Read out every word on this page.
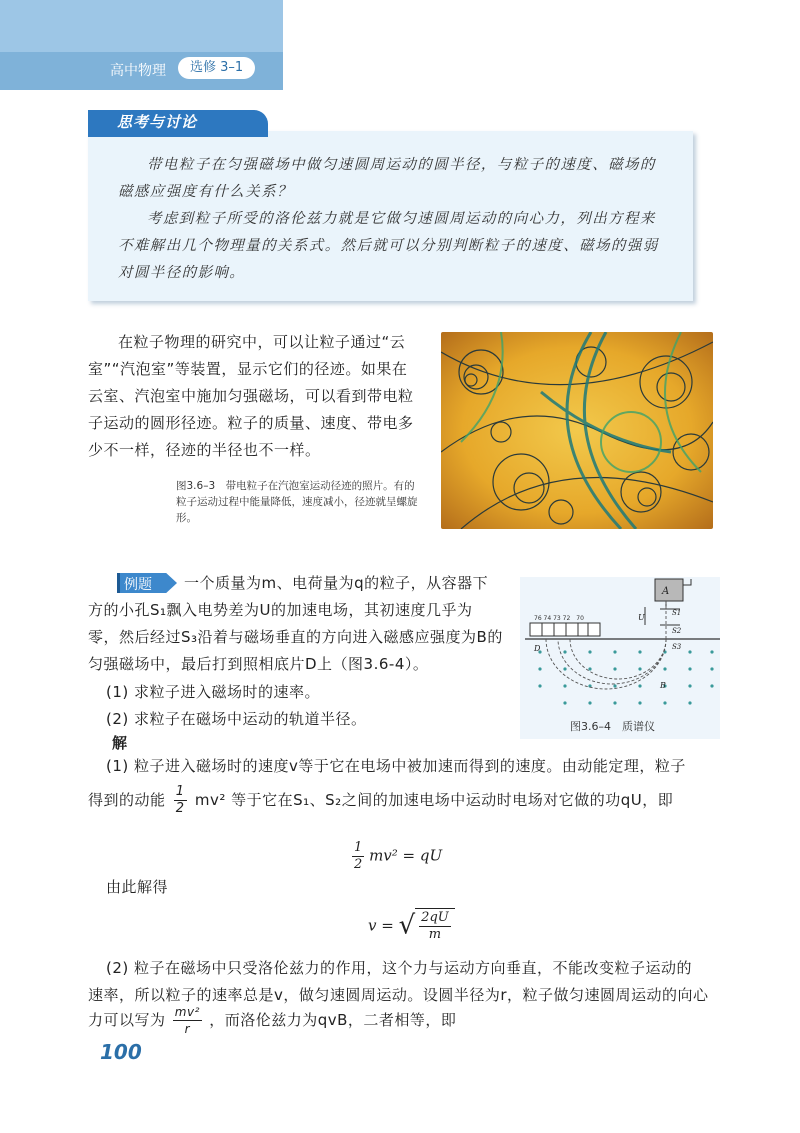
高中物理	选修 3–1
思考与讨论

带电粒子在匀强磁场中做匀速圆周运动的圆半径，与粒子的速度、磁场的磁感应强度有什么关系？

考虑到粒子所受的洛伦兹力就是它做匀速圆周运动的向心力，列出方程来不难解出几个物理量的关系式。然后就可以分别判断粒子的速度、磁场的强弱对圆半径的影响。

在粒子物理的研究中，可以让粒子通过“云室”“汽泡室”等装置，显示它们的径迹。如果在云室、汽泡室中施加匀强磁场，可以看到带电粒子运动的圆形径迹。粒子的质量、速度、带电多少不一样，径迹的半径也不一样。

图3.6–3　带电粒子在汽泡室运动径迹的照片。有的粒子运动过程中能量降低，速度减小，径迹就呈螺旋形。

例题	一个质量为m、电荷量为q的粒子，从容器下方的小孔S₁飘入电势差为U的加速电场，其初速度几乎为零，然后经过S₃沿着与磁场垂直的方向进入磁感应强度为B的匀强磁场中，最后打到照相底片D上（图3.6-4）。

(1) 求粒子进入磁场时的速率。

(2) 求粒子在磁场中运动的轨道半径。

解

76 74 73 72　70
A
U	S1
S2
S3
D
B
图3.6–4　质谱仪

(1) 粒子进入磁场时的速度v等于它在电场中被加速而得到的速度。由动能定理，粒子

得到的动能 $\frac{1}{2} mv^2$ 等于它在S₁、S₂之间的加速电场中运动时电场对它做的功qU，即
$\frac{1}{2} mv^2$ = qU

由此解得

v = √ $\frac{2qU}{m}$

(2) 粒子在磁场中只受洛伦兹力的作用，这个力与运动方向垂直，不能改变粒子运动的

速率，所以粒子的速率总是v，做匀速圆周运动。设圆半径为r，粒子做匀速圆周运动的向心

力可以写为 $\frac{\text{mv²}}{r}$ ，而洛伦兹力为qvB，二者相等，即
100
